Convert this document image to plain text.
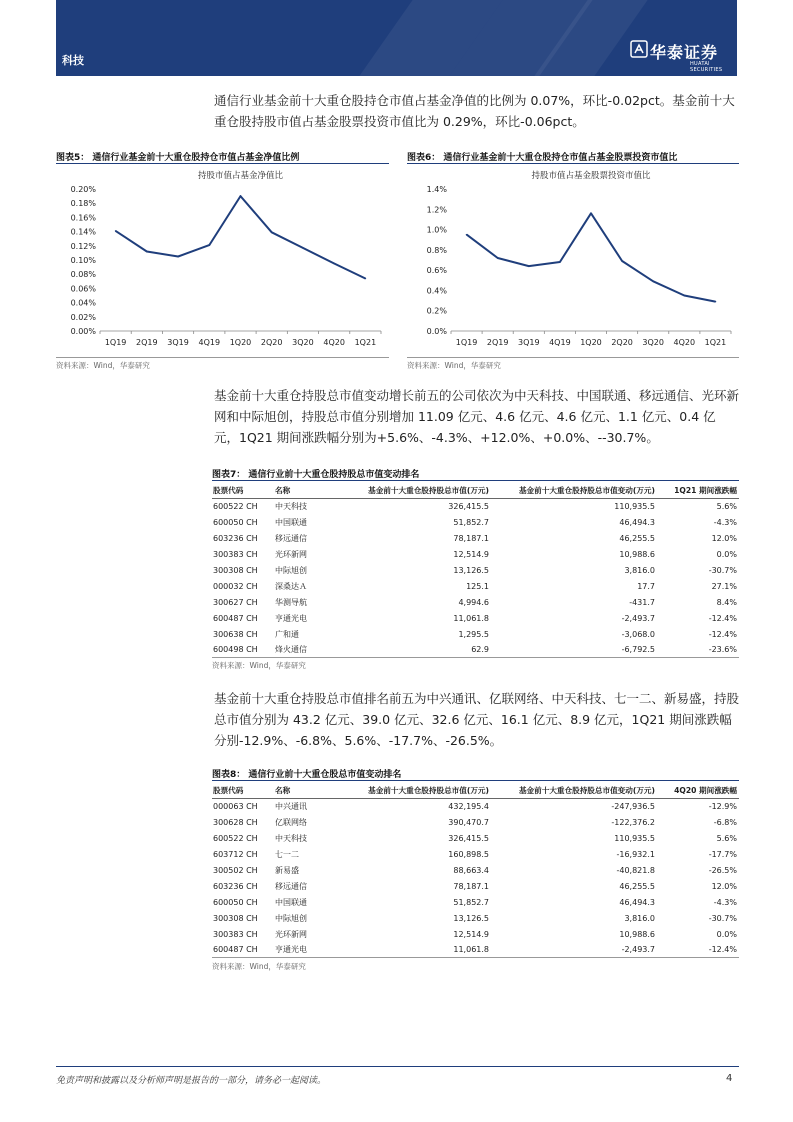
科技	华泰证券
HUATAI SECURITIES
通信行业基金前十大重仓股持仓市值占基金净值的比例为 0.07%，环比-0.02pct。基金前十大重仓股持股市值占基金股票投资市值比为 0.29%，环比-0.06pct。
图表5： 通信行业基金前十大重仓股持仓市值占基金净值比例
持股市值占基金净值比
0.00%
0.02%
0.04%
0.06%
0.08%
0.10%
0.12%
0.14%
0.16%
0.18%
0.20%
1Q19 2Q19 3Q19 4Q19 1Q20 2Q20 3Q20 4Q20 1Q21
资料来源：Wind，华泰研究
图表6： 通信行业基金前十大重仓股持仓市值占基金股票投资市值比
持股市值占基金股票投资市值比
0.0%
0.2%
0.4%
0.6%
0.8%
1.0%
1.2%
1.4%
1Q19 2Q19 3Q19 4Q19 1Q20 2Q20 3Q20 4Q20 1Q21
资料来源：Wind，华泰研究
基金前十大重仓持股总市值变动增长前五的公司依次为中天科技、中国联通、移远通信、光环新网和中际旭创，持股总市值分别增加 11.09 亿元、4.6 亿元、4.6 亿元、1.1 亿元、0.4 亿元，1Q21 期间涨跌幅分别为+5.6%、-4.3%、+12.0%、+0.0%、--30.7%。
图表7： 通信行业前十大重仓股持股总市值变动排名
股票代码	名称	基金前十大重仓股持股总市值(万元)	基金前十大重仓股持股总市值变动(万元)	1Q21 期间涨跌幅
600522 CH	中天科技	326,415.5	110,935.5	5.6%
600050 CH	中国联通	51,852.7	46,494.3	-4.3%
603236 CH	移远通信	78,187.1	46,255.5	12.0%
300383 CH	光环新网	12,514.9	10,988.6	0.0%
300308 CH	中际旭创	13,126.5	3,816.0	-30.7%
000032 CH	深桑达Ａ	125.1	17.7	27.1%
300627 CH	华测导航	4,994.6	-431.7	8.4%
600487 CH	亨通光电	11,061.8	-2,493.7	-12.4%
300638 CH	广和通	1,295.5	-3,068.0	-12.4%
600498 CH	烽火通信	62.9	-6,792.5	-23.6%
资料来源：Wind，华泰研究
基金前十大重仓持股总市值排名前五为中兴通讯、亿联网络、中天科技、七一二、新易盛，持股总市值分别为 43.2 亿元、39.0 亿元、32.6 亿元、16.1 亿元、8.9 亿元，1Q21 期间涨跌幅分别-12.9%、-6.8%、5.6%、-17.7%、-26.5%。
图表8： 通信行业前十大重仓股总市值变动排名
股票代码	名称	基金前十大重仓股持股总市值(万元)	基金前十大重仓股持股总市值变动(万元)	4Q20 期间涨跌幅
000063 CH	中兴通讯	432,195.4	-247,936.5	-12.9%
300628 CH	亿联网络	390,470.7	-122,376.2	-6.8%
600522 CH	中天科技	326,415.5	110,935.5	5.6%
603712 CH	七一二	160,898.5	-16,932.1	-17.7%
300502 CH	新易盛	88,663.4	-40,821.8	-26.5%
603236 CH	移远通信	78,187.1	46,255.5	12.0%
600050 CH	中国联通	51,852.7	46,494.3	-4.3%
300308 CH	中际旭创	13,126.5	3,816.0	-30.7%
300383 CH	光环新网	12,514.9	10,988.6	0.0%
600487 CH	亨通光电	11,061.8	-2,493.7	-12.4%
资料来源：Wind，华泰研究
免责声明和披露以及分析师声明是报告的一部分，请务必一起阅读。	4
